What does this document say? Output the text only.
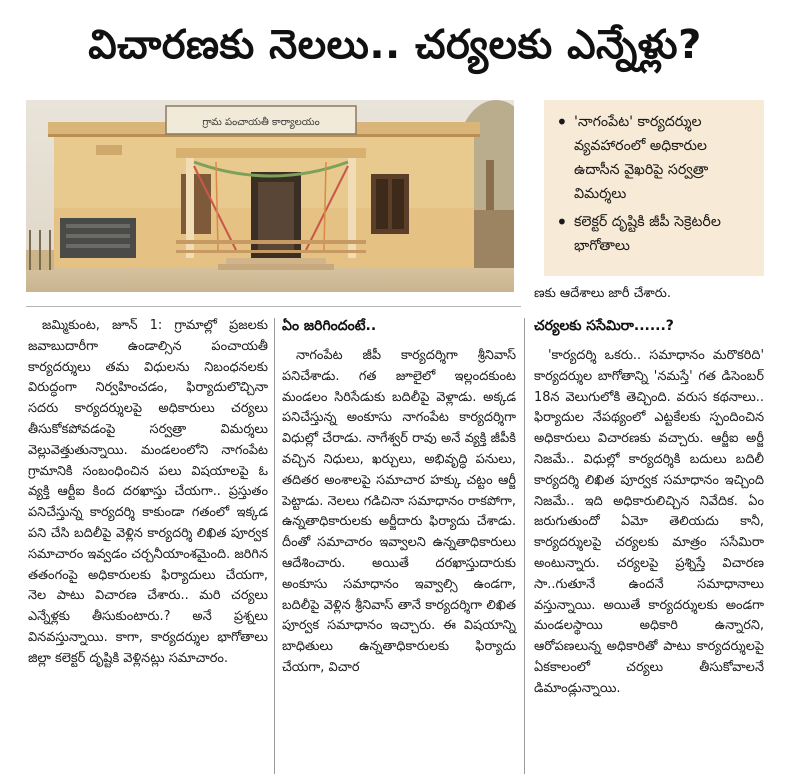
విచారణకు నెలలు.. చర్యలకు ఎన్నేళ్లు?
గ్రామ పంచాయతీ కార్యాలయం
•	'నాగంపేట' కార్యదర్శుల వ్యవహారంలో అధికారుల ఉదాసీన వైఖరిపై సర్వత్రా విమర్శలు
• కలెక్టర్ దృష్టికి జీపీ సెక్రెటరీల భాగోతాలు

జమ్మికుంట, జూన్ 1: గ్రామాల్లో ప్రజలకు జవాబుదారీగా ఉండాల్సిన పంచాయతీ కార్యదర్శులు తమ విధులను నిబంధనలకు విరుద్ధంగా నిర్వహించడం, ఫిర్యాదులొచ్చినా సదరు కార్యదర్శులపై అధికారులు చర్యలు తీసుకోకపోవడంపై సర్వత్రా విమర్శలు వెల్లువెత్తుతున్నాయి. మండలంలోని నాగంపేట గ్రామానికి సంబంధించిన పలు విషయాలపై ఓ వ్యక్తి ఆర్టీఐ కింద దరఖాస్తు చేయగా.. ప్రస్తుతం పనిచేస్తున్న కార్యదర్శి కాకుండా గతంలో ఇక్కడ పని చేసి బదిలీపై వెళ్లిన కార్యదర్శి లిఖిత పూర్వక సమాచారం ఇవ్వడం చర్చనీయాంశమైంది. జరిగిన తతంగంపై అధికారులకు ఫిర్యాదులు చేయగా, నెల పాటు విచారణ చేశారు.. మరి చర్యలు ఎన్నేళ్లకు తీసుకుంటారు.? అనే ప్రశ్నలు వినవస్తున్నాయి. కాగా, కార్యదర్శుల భాగోతాలు జిల్లా కలెక్టర్ దృష్టికి వెళ్లినట్లు సమాచారం.

ఏం జరిగిందంటే..

నాగంపేట జీపీ కార్యదర్శిగా శ్రీనివాస్ పనిచేశాడు. గత జూలైలో ఇల్లందకుంట మండలం సిరిసేడుకు బదిలీపై వెళ్లాడు. అక్కడ పనిచేస్తున్న అంకూసు నాగంపేట కార్యదర్శిగా విధుల్లో చేరాడు. నాగేశ్వర్ రావు అనే వ్యక్తి జీపీకి వచ్చిన నిధులు, ఖర్చులు, అభివృద్ధి పనులు, తదితర అంశాలపై సమాచార హక్కు చట్టం ఆర్జీ పెట్టాడు. నెలలు గడిచినా సమాధానం రాకపోగా, ఉన్నతాధికారులకు అర్జీదారు ఫిర్యాదు చేశాడు. దీంతో సమాచారం ఇవ్వాలని ఉన్నతాధికారులు ఆదేశించారు. అయితే దరఖాస్తుదారుకు అంకూసు సమాధానం ఇవ్వాల్సి ఉండగా, బదిలీపై వెళ్లిన శ్రీనివాస్ తానే కార్యదర్శిగా లిఖిత పూర్వక సమాధానం ఇచ్చారు. ఈ విషయాన్ని బాధితులు ఉన్నతాధికారులకు ఫిర్యాదు చేయగా, విచార

ణకు ఆదేశాలు జారీ చేశారు.

చర్యలకు ససేమిరా......?

'కార్యదర్శి ఒకరు.. సమాధానం మరొకరిది' కార్యదర్శుల బాగోతాన్ని 'నమస్తే' గత డిసెంబర్ 18న వెలుగులోకి తెచ్చింది. వరుస కథనాలు.. ఫిర్యాదుల నేపథ్యంలో ఎట్టకేలకు స్పందించిన అధికారులు విచారణకు వచ్చారు. ఆర్జీఐ అర్జీ నిజమే.. విధుల్లో కార్యదర్శికి బదులు బదిలీ కార్యదర్శి లిఖిత పూర్వక సమాధానం ఇచ్చింది నిజమే.. ఇది అధికారులిచ్చిన నివేదిక. ఏం జరుగుతుందో ఏమో తెలియదు కానీ, కార్యదర్శులపై చర్యలకు మాత్రం ససేమిరా అంటున్నారు. చర్యలపై ప్రశ్నిస్తే విచారణ సా..గుతూనే ఉందనే సమాధానాలు వస్తున్నాయి. అయితే కార్యదర్శులకు అండగా మండలస్థాయి అధికారి ఉన్నారని, ఆరోపణలున్న అధికారితో పాటు కార్యదర్శులపై ఏకకాలంలో చర్యలు తీసుకోవాలనే డిమాండ్లున్నాయి.
